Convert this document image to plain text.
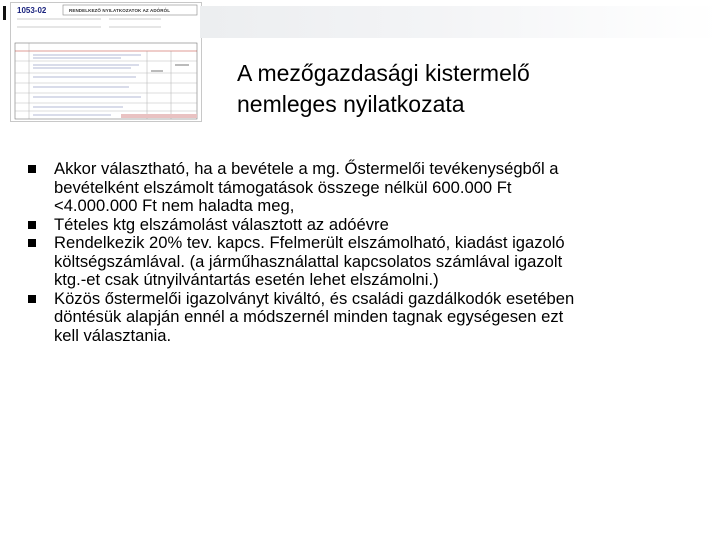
1053-02	RENDELKEZŐ NYILATKOZATOK AZ ADÓRÓL
A mezőgazdasági kistermelő
nemleges nyilatkozata
Akkor választható, ha a bevétele a mg. Őstermelői tevékenységből a
bevételként elszámolt támogatások összege nélkül 600.000 Ft
<4.000.000 Ft nem haladta meg,
Tételes ktg elszámolást választott az adóévre
Rendelkezik 20% tev. kapcs. Ffelmerült elszámolható, kiadást igazoló
költségszámlával. (a járműhasználattal kapcsolatos számlával igazolt
ktg.-et csak útnyilvántartás esetén lehet elszámolni.)
Közös őstermelői igazolványt kiváltó, és családi gazdálkodók esetében
döntésük alapján ennél a módszernél minden tagnak egységesen ezt
kell választania.
